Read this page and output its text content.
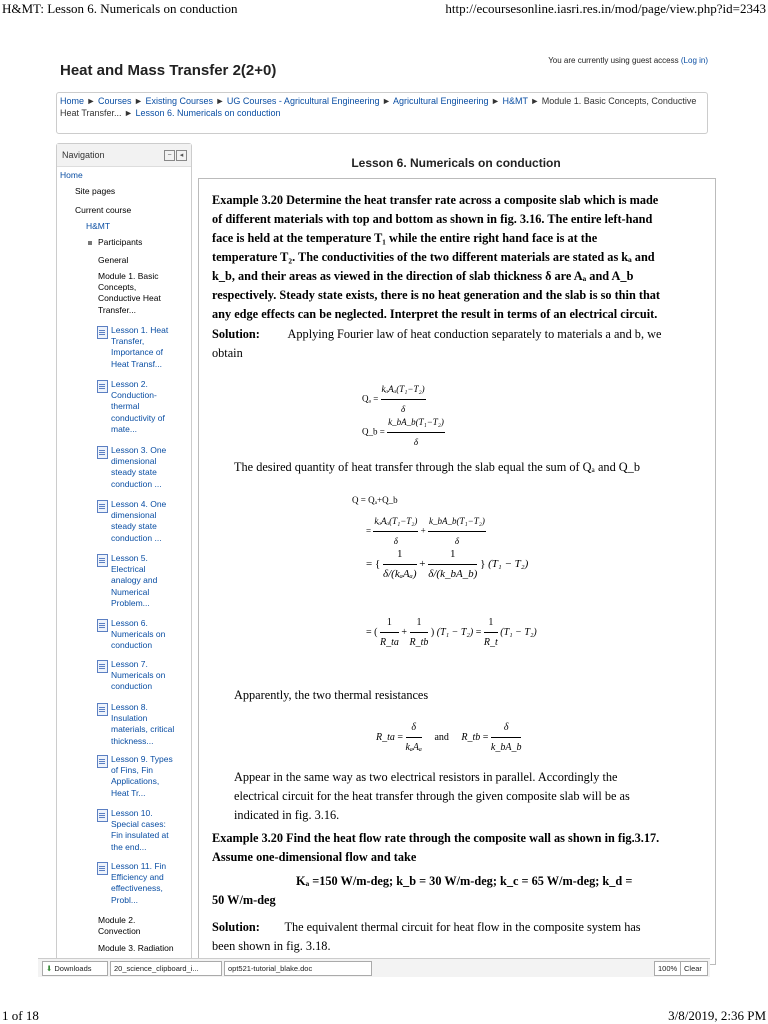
H&MT: Lesson 6. Numericals on conduction	http://ecoursesonline.iasri.res.in/mod/page/view.php?id=2343
Heat and Mass Transfer 2(2+0)
You are currently using guest access (Log in)
Home ► Courses ► Existing Courses ► UG Courses - Agricultural Engineering ► Agricultural Engineering ► H&MT ► Module 1. Basic Concepts, Conductive Heat Transfer... ► Lesson 6. Numericals on conduction
Navigation	−	◂
Home
Site pages
Current course
H&MT
Participants
General
Module 1. Basic
Concepts,
Conductive Heat
Transfer...
Lesson 1. Heat
Transfer,
Importance of
Heat Transf...
Lesson 2.
Conduction-
thermal
conductivity of
mate...
Lesson 3. One
dimensional
steady state
conduction ...
Lesson 4. One
dimensional
steady state
conduction ...
Lesson 5.
Electrical
analogy and
Numerical
Problem...
Lesson 6.
Numericals on
conduction
Lesson 7.
Numericals on
conduction
Lesson 8.
Insulation
materials, critical
thickness...
Lesson 9. Types
of Fins, Fin
Applications,
Heat Tr...
Lesson 10.
Special cases:
Fin insulated at
the end...
Lesson 11. Fin
Efficiency and
effectiveness,
Probl...
Module 2.
Convection
Module 3. Radiation
Lesson 6. Numericals on conduction
Example 3.20 Determine the heat transfer rate across a composite slab which is made
of different materials with top and bottom as shown in fig. 3.16. The entire left-hand
face is held at the temperature T₁ while the entire right hand face is at the
temperature T₂. The conductivities of the two different materials are stated as kₐ and
k_b, and their areas as viewed in the direction of slab thickness δ are Aₐ and A_b
respectively. Steady state exists, there is no heat generation and the slab is so thin that
any edge effects can be neglected. Interpret the result in terms of an electrical circuit.
Solution: Applying Fourier law of heat conduction separately to materials a and b, we
obtain
$Q_a = \frac{\text{kₐAₐ(T₁−T₂)}}{\delta}$
Q_b = $\frac{\text{k\_bA\_b(T₁−T₂)}}{\delta}$
The desired quantity of heat transfer through the slab equal the sum of Qₐ and Q_b
Q = Qₐ+Q_b
= $\frac{\text{kₐAₐ(T₁−T₂)}}{\delta} + \frac{\text{k\_bA\_b(T₁−T₂)}}{\delta}$
= { $\frac{1}{\text{δ/(kₐAₐ)}} + \frac{1}{\delta/(k\_bA\_b)}$ } (T₁ − T₂)
= ( $\frac{1}{R\_ta} + \frac{1}{R\_tb}$ ) $(T_1 - T_2) = \frac{1}{R\_t} (T_1 - T_2)$
Apparently, the two thermal resistances
R_ta = $\frac{\delta}{\text{kₐAₐ}}$ and R_tb = $\frac{\delta}{k\_bA\_b}$
Appear in the same way as two electrical resistors in parallel. Accordingly the
electrical circuit for the heat transfer through the given composite slab will be as
indicated in fig. 3.16.
Example 3.20 Find the heat flow rate through the composite wall as shown in fig.3.17.
Assume one-dimensional flow and take
Kₐ =150 W/m-deg; k_b = 30 W/m-deg; k_c = 65 W/m-deg; k_d =
50 W/m-deg
Solution: The equivalent thermal circuit for heat flow in the composite system has
been shown in fig. 3.18.
⬇ Downloads	20_science_clipboard_i...	opt521-tutorial_blake.doc	100% Clear
1 of 18	3/8/2019, 2:36 PM
